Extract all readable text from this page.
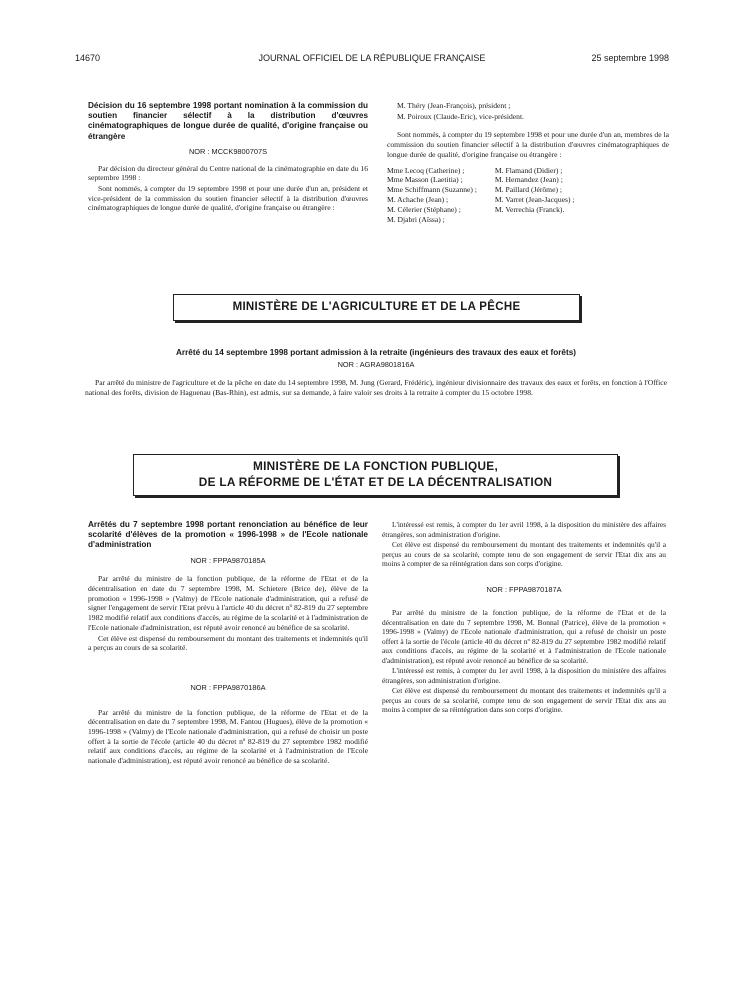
14670	JOURNAL OFFICIEL DE LA RÉPUBLIQUE FRANÇAISE	25 septembre 1998
Décision du 16 septembre 1998 portant nomination à la commission du soutien financier sélectif à la distribution d'œuvres cinématographiques de longue durée de qualité, d'origine française ou étrangère
NOR : MCCK9800707S

Par décision du directeur général du Centre national de la cinématographie en date du 16 septembre 1998 :

Sont nommés, à compter du 19 septembre 1998 et pour une durée d'un an, président et vice-président de la commission du soutien financier sélectif à la distribution d'œuvres cinématographiques de longue durée de qualité, d'origine française ou étrangère :

M. Théry (Jean-François), président ;

M. Poiroux (Claude-Eric), vice-président.

Sont nommés, à compter du 19 septembre 1998 et pour une durée d'un an, membres de la commission du soutien financier sélectif à la distribution d'œuvres cinématographiques de longue durée de qualité, d'origine française ou étrangère :

Mme Lecoq (Catherine) ;
Mme Masson (Laetitia) ;
Mme Schiffmann (Suzanne) ;
M. Achache (Jean) ;
M. Célerier (Stéphane) ;
M. Djabri (Aïssa) ;
M. Flamand (Didier) ;
M. Hernandez (Jean) ;
M. Paillard (Jérôme) ;
M. Varret (Jean-Jacques) ;
M. Verrechia (Franck).
MINISTÈRE DE L'AGRICULTURE ET DE LA PÊCHE
Arrêté du 14 septembre 1998 portant admission à la retraite (ingénieurs des travaux des eaux et forêts)
NOR : AGRA9801816A

Par arrêté du ministre de l'agriculture et de la pêche en date du 14 septembre 1998, M. Jung (Gerard, Frédéric), ingénieur divisionnaire des travaux des eaux et forêts, en fonction à l'Office national des forêts, division de Haguenau (Bas-Rhin), est admis, sur sa demande, à faire valoir ses droits à la retraite à compter du 15 octobre 1998.

MINISTÈRE DE LA FONCTION PUBLIQUE,
DE LA RÉFORME DE L'ÉTAT ET DE LA DÉCENTRALISATION
Arrêtés du 7 septembre 1998 portant renonciation au bénéfice de leur scolarité d'élèves de la promotion « 1996-1998 » de l'Ecole nationale d'administration
NOR : FPPA9870185A

Par arrêté du ministre de la fonction publique, de la réforme de l'Etat et de la décentralisation en date du 7 septembre 1998, M. Schietere (Brice de), élève de la promotion « 1996-1998 » (Valmy) de l'Ecole nationale d'administration, qui a refusé de signer l'engagement de servir l'Etat prévu à l'article 40 du décret nº 82-819 du 27 septembre 1982 modifié relatif aux conditions d'accès, au régime de la scolarité et à l'administration de l'Ecole nationale d'administration, est réputé avoir renoncé au bénéfice de sa scolarité.

Cet élève est dispensé du remboursement du montant des traitements et indemnités qu'il a perçus au cours de sa scolarité.

NOR : FPPA9870186A

Par arrêté du ministre de la fonction publique, de la réforme de l'Etat et de la décentralisation en date du 7 septembre 1998, M. Fantou (Hugues), élève de la promotion « 1996-1998 » (Valmy) de l'Ecole nationale d'administration, qui a refusé de choisir un poste offert à la sortie de l'école (article 40 du décret nº 82-819 du 27 septembre 1982 modifié relatif aux conditions d'accès, au régime de la scolarité et à l'administration de l'Ecole nationale d'administration), est réputé avoir renoncé au bénéfice de sa scolarité.

L'intéressé est remis, à compter du 1er avril 1998, à la disposition du ministère des affaires étrangères, son administration d'origine.

Cet élève est dispensé du remboursement du montant des traitements et indemnités qu'il a perçus au cours de sa scolarité, compte tenu de son engagement de servir l'Etat dix ans au moins à compter de sa réintégration dans son corps d'origine.

NOR : FPPA9870187A

Par arrêté du ministre de la fonction publique, de la réforme de l'Etat et de la décentralisation en date du 7 septembre 1998, M. Bonnal (Patrice), élève de la promotion « 1996-1998 » (Valmy) de l'Ecole nationale d'administration, qui a refusé de choisir un poste offert à la sortie de l'école (article 40 du décret nº 82-819 du 27 septembre 1982 modifié relatif aux conditions d'accès, au régime de la scolarité et à l'administration de l'Ecole nationale d'administration), est réputé avoir renoncé au bénéfice de sa scolarité.

L'intéressé est remis, à compter du 1er avril 1998, à la disposition du ministère des affaires étrangères, son administration d'origine.

Cet élève est dispensé du remboursement du montant des traitements et indemnités qu'il a perçus au cours de sa scolarité, compte tenu de son engagement de servir l'Etat dix ans au moins à compter de sa réintégration dans son corps d'origine.
